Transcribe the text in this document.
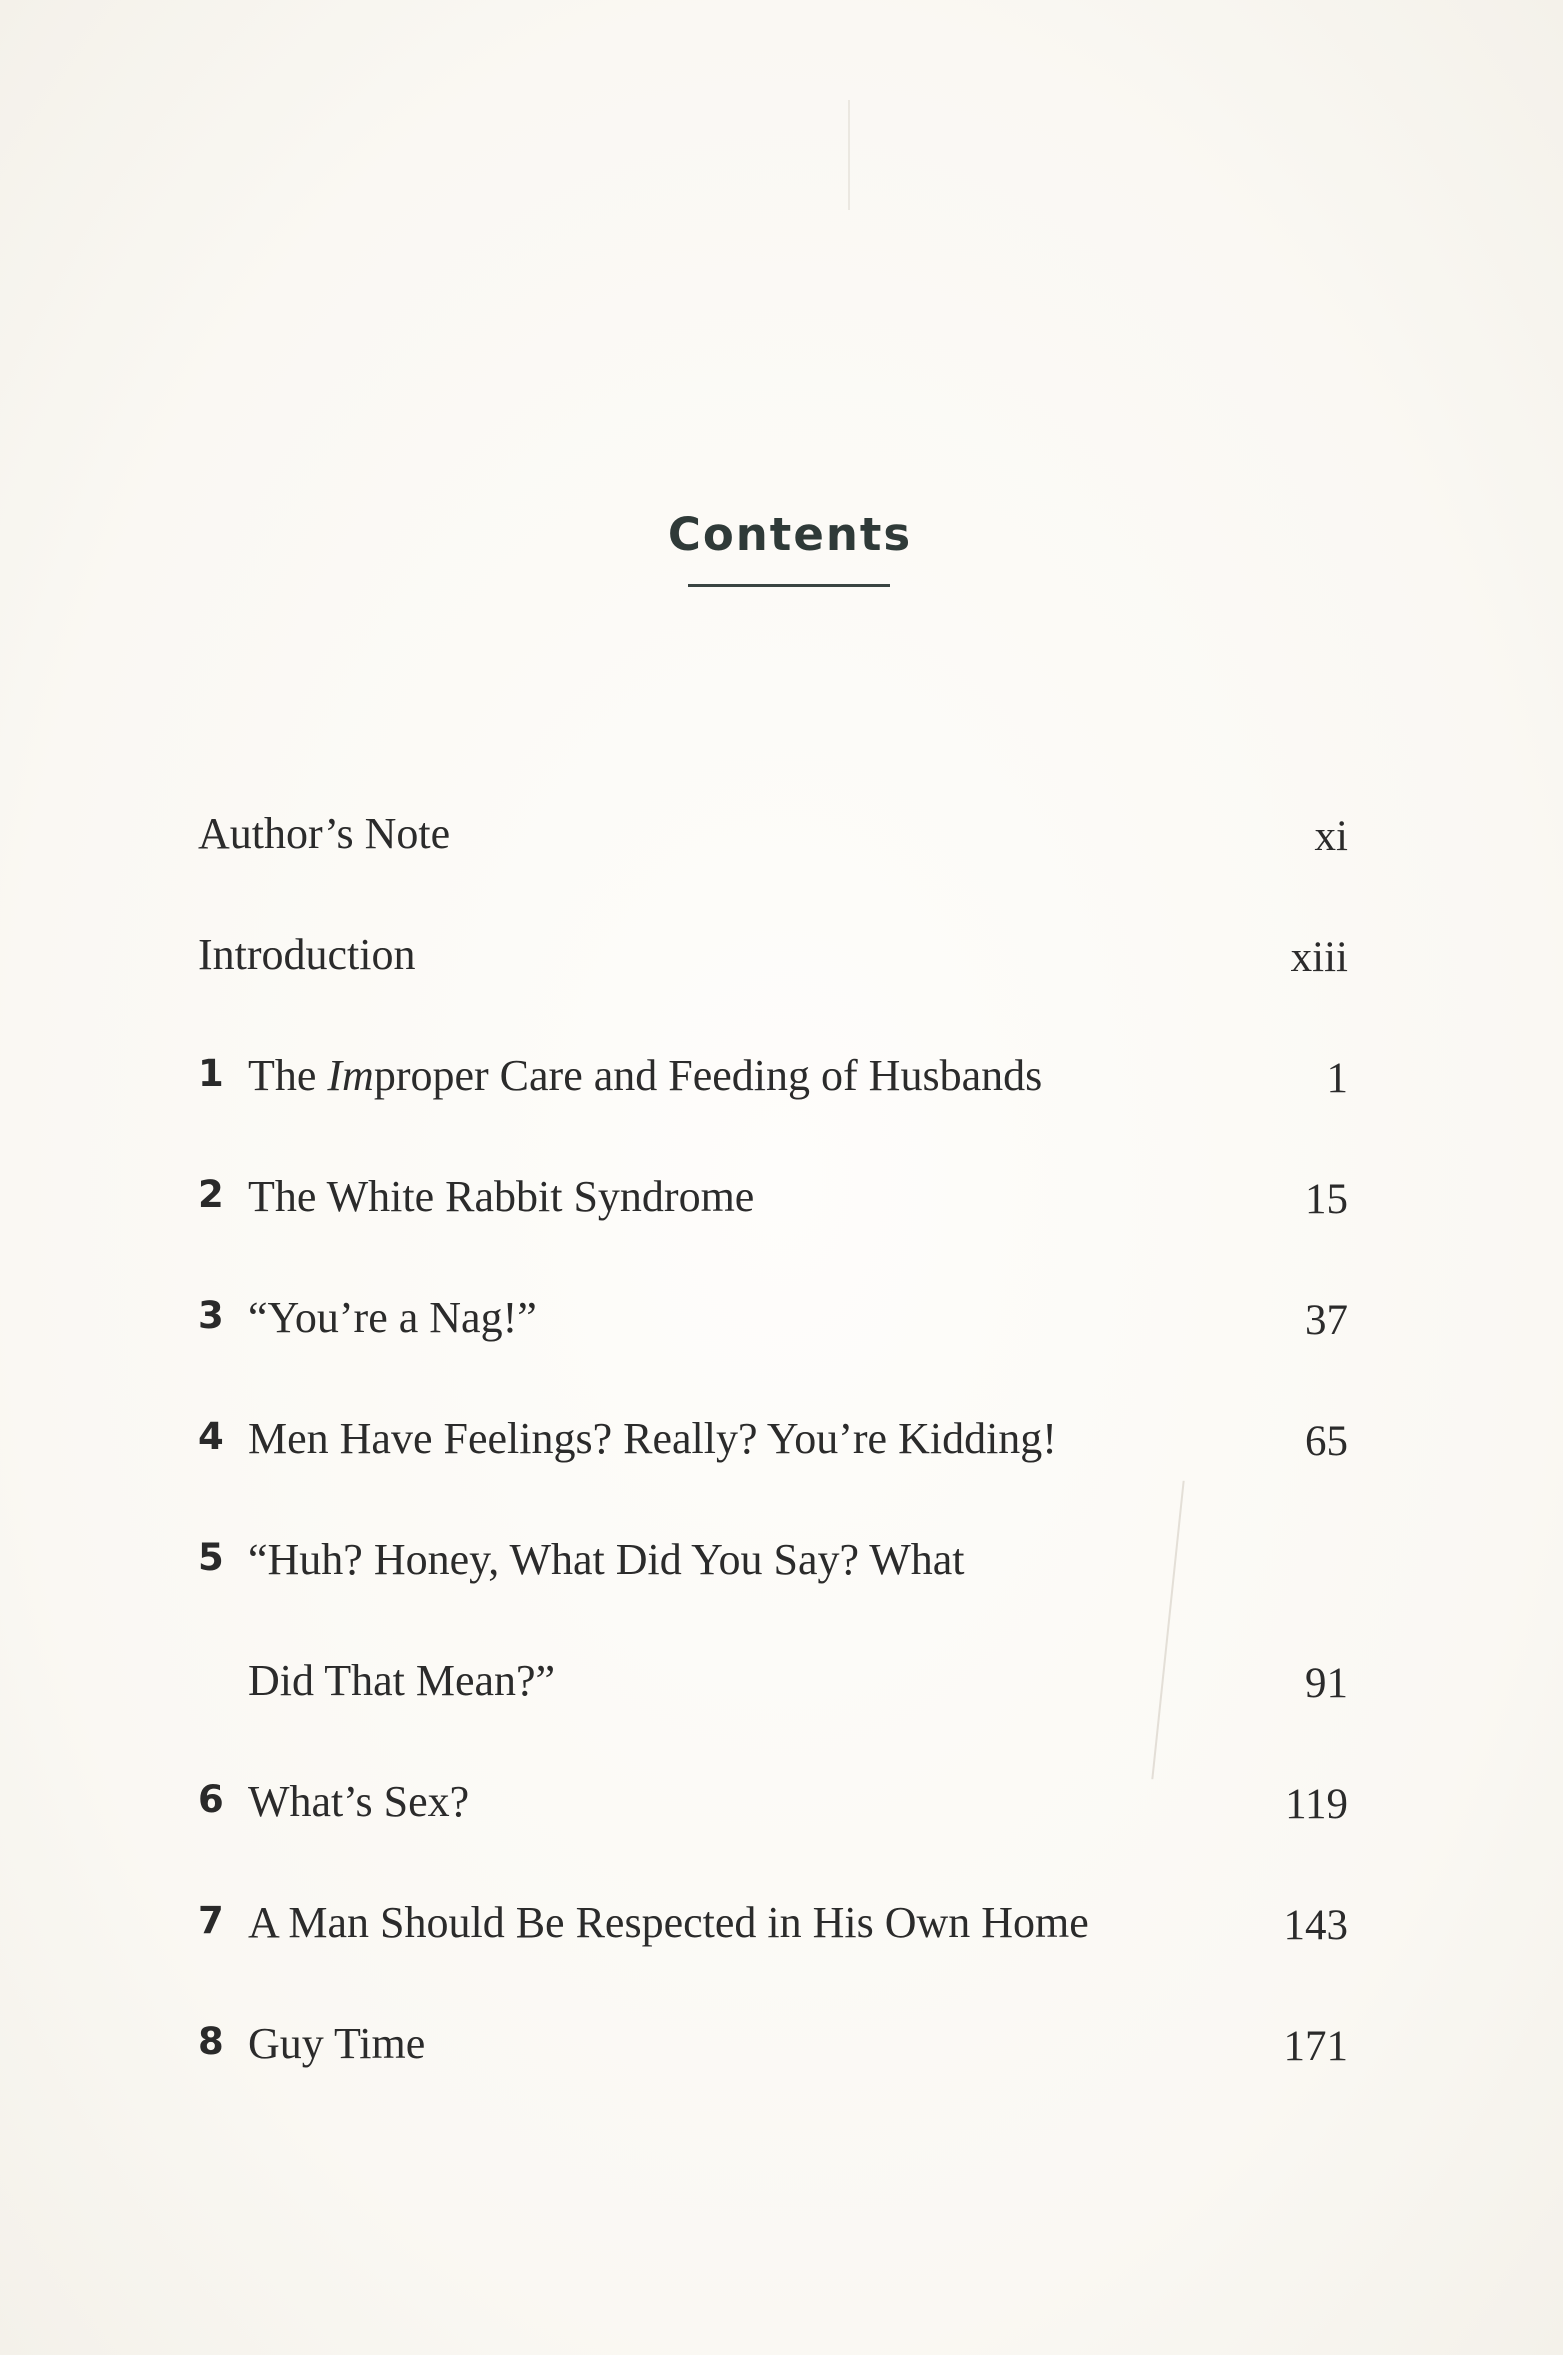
Contents
Author’s Note	xi
Introduction	xiii
1 The Improper Care and Feeding of Husbands	1
2 The White Rabbit Syndrome	15
3 “You’re a Nag!”	37
4 Men Have Feelings? Really? You’re Kidding!	65
5 “Huh? Honey, What Did You Say? What
Did That Mean?”	91
6 What’s Sex?	119
7 A Man Should Be Respected in His Own Home	143
8 Guy Time	171
